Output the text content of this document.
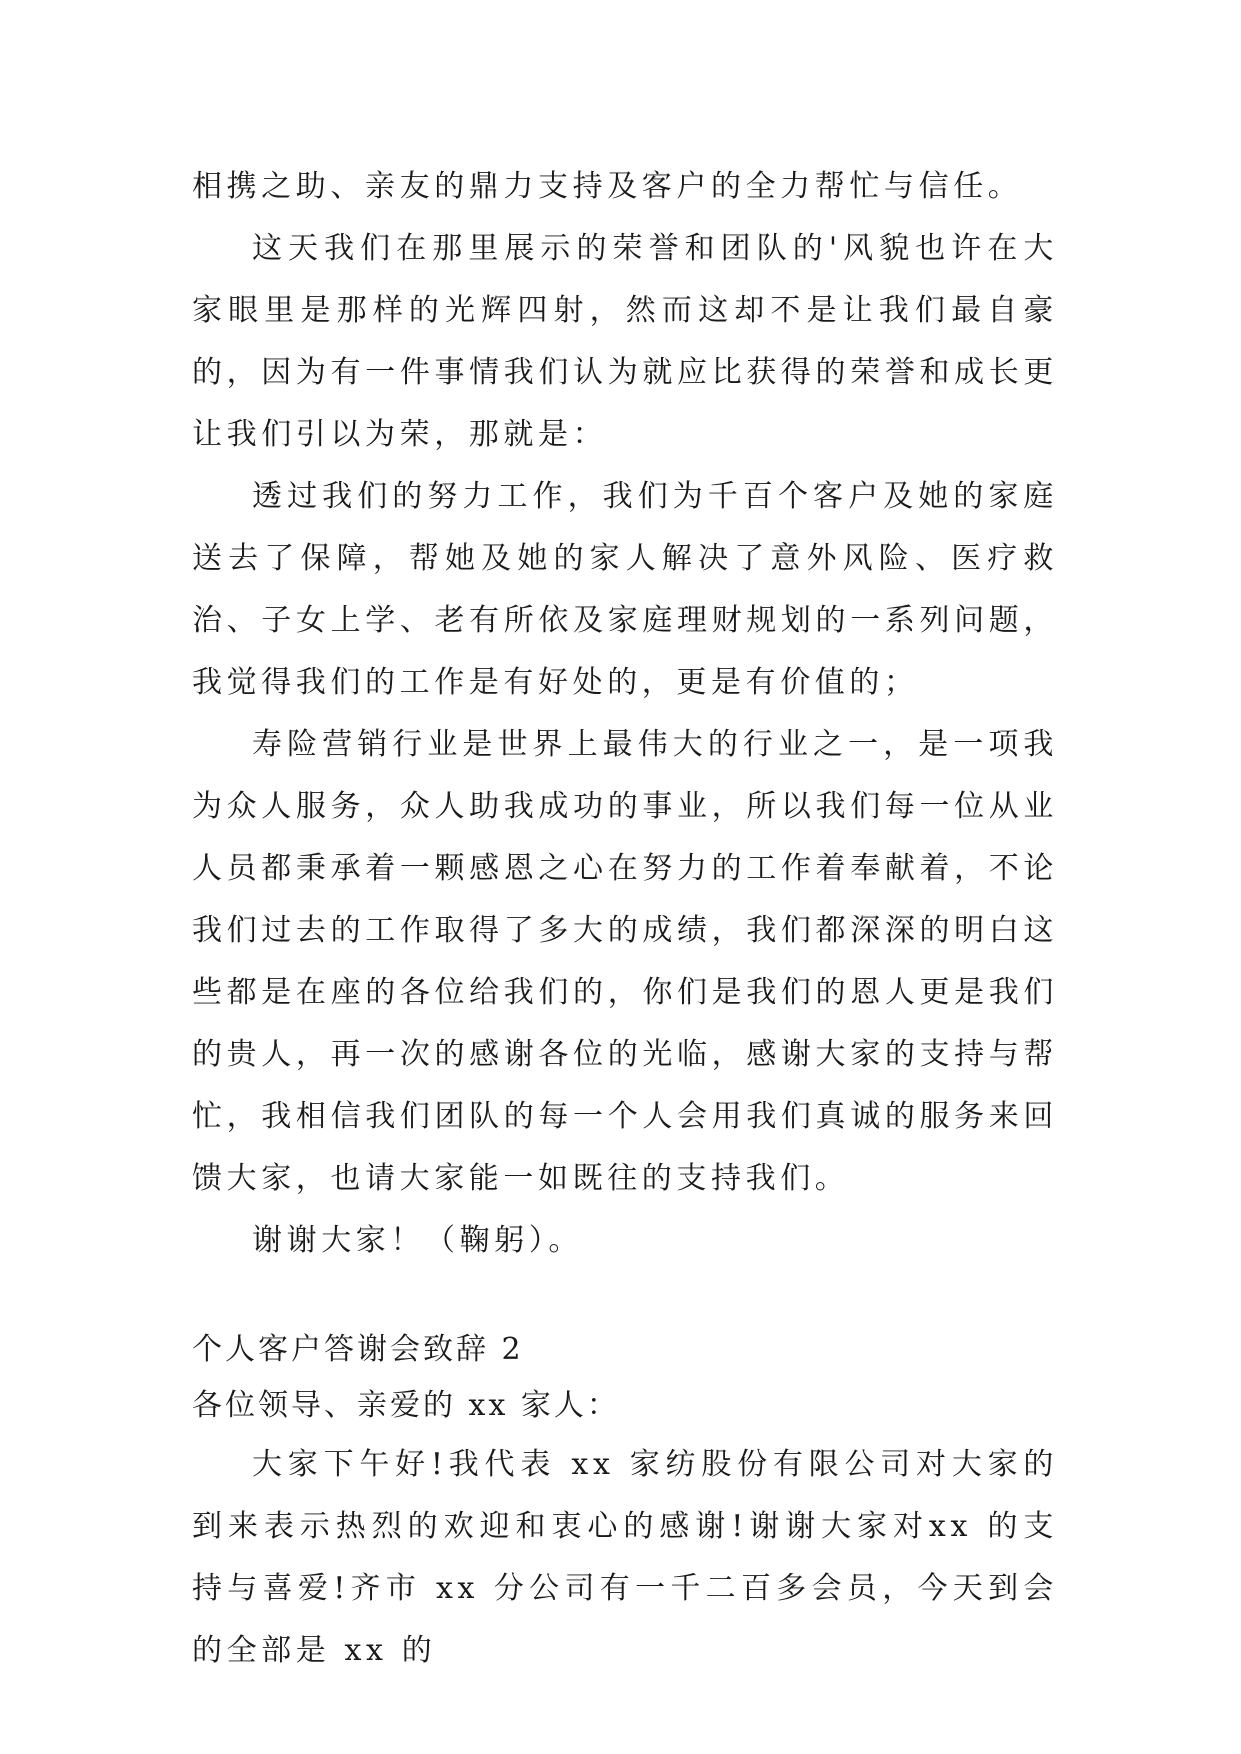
相携之助、亲友的鼎力支持及客户的全力帮忙与信任。

这天我们在那里展示的荣誉和团队的'风貌也许在大家眼里是那样的光辉四射，然而这却不是让我们最自豪的，因为有一件事情我们认为就应比获得的荣誉和成长更让我们引以为荣，那就是：

透过我们的努力工作，我们为千百个客户及她的家庭送去了保障，帮她及她的家人解决了意外风险、医疗救治、子女上学、老有所依及家庭理财规划的一系列问题，我觉得我们的工作是有好处的，更是有价值的；

寿险营销行业是世界上最伟大的行业之一，是一项我为众人服务，众人助我成功的事业，所以我们每一位从业人员都秉承着一颗感恩之心在努力的工作着奉献着，不论我们过去的工作取得了多大的成绩，我们都深深的明白这些都是在座的各位给我们的，你们是我们的恩人更是我们的贵人，再一次的感谢各位的光临，感谢大家的支持与帮忙，我相信我们团队的每一个人会用我们真诚的服务来回馈大家，也请大家能一如既往的支持我们。

谢谢大家！（鞠躬）。

个人客户答谢会致辞 2

各位领导、亲爱的 xx 家人：

大家下午好!我代表 xx 家纺股份有限公司对大家的到来表示热烈的欢迎和衷心的感谢!谢谢大家对xx 的支持与喜爱!齐市 xx 分公司有一千二百多会员，今天到会的全部是 xx 的
